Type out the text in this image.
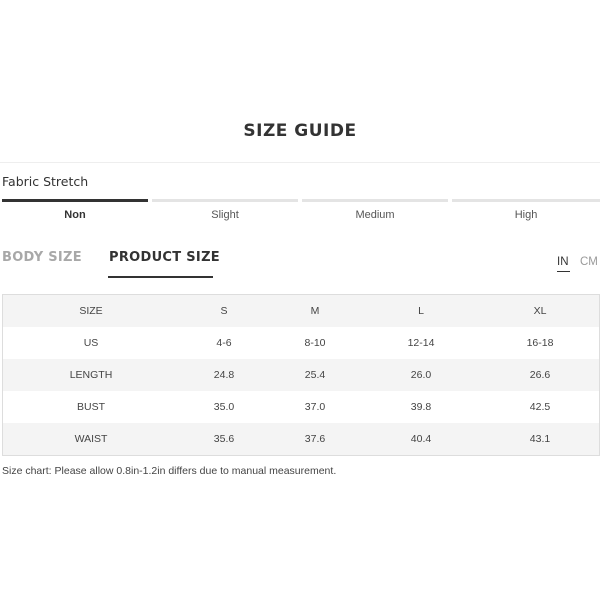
SIZE GUIDE
Fabric Stretch
Non	Slight	Medium	High
BODY SIZE PRODUCT SIZE	IN CM
SIZE	S	M	L	XL
US	4-6	8-10	12-14	16-18
LENGTH	24.8	25.4	26.0	26.6
BUST	35.0	37.0	39.8	42.5
WAIST	35.6	37.6	40.4	43.1
Size chart: Please allow 0.8in-1.2in differs due to manual measurement.
